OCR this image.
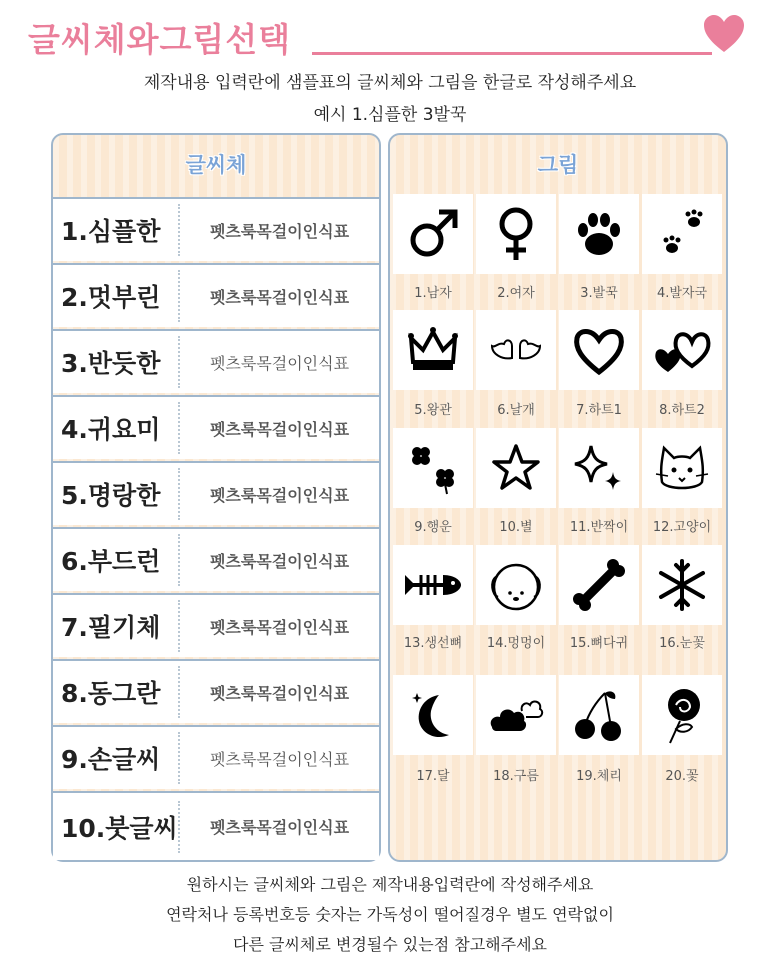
글씨체와그림선택
제작내용 입력란에 샘플표의 글씨체와 그림을 한글로 작성해주세요
예시 1.심플한 3발꾹
글씨체
1.심플한	펫츠룩목걸이인식표
2.멋부린	펫츠룩목걸이인식표
3.반듯한	펫츠룩목걸이인식표
4.귀요미	펫츠룩목걸이인식표
5.명랑한	펫츠룩목걸이인식표
6.부드런	펫츠룩목걸이인식표
7.필기체	펫츠룩목걸이인식표
8.동그란	펫츠룩목걸이인식표
9.손글씨	펫츠룩목걸이인식표
10.붓글씨	펫츠룩목걸이인식표
그림
1.남자	2.여자	3.발꾹	4.발자국
5.왕관	6.날개	7.하트1	8.하트2
9.행운	10.별	11.반짝이	12.고양이
13.생선뼈	14.멍멍이	15.뼈다귀	16.눈꽃
17.달	18.구름	19.체리	20.꽃
원하시는 글씨체와 그림은 제작내용입력란에 작성해주세요
연락처나 등록번호등 숫자는 가독성이 떨어질경우 별도 연락없이
다른 글씨체로 변경될수 있는점 참고해주세요
